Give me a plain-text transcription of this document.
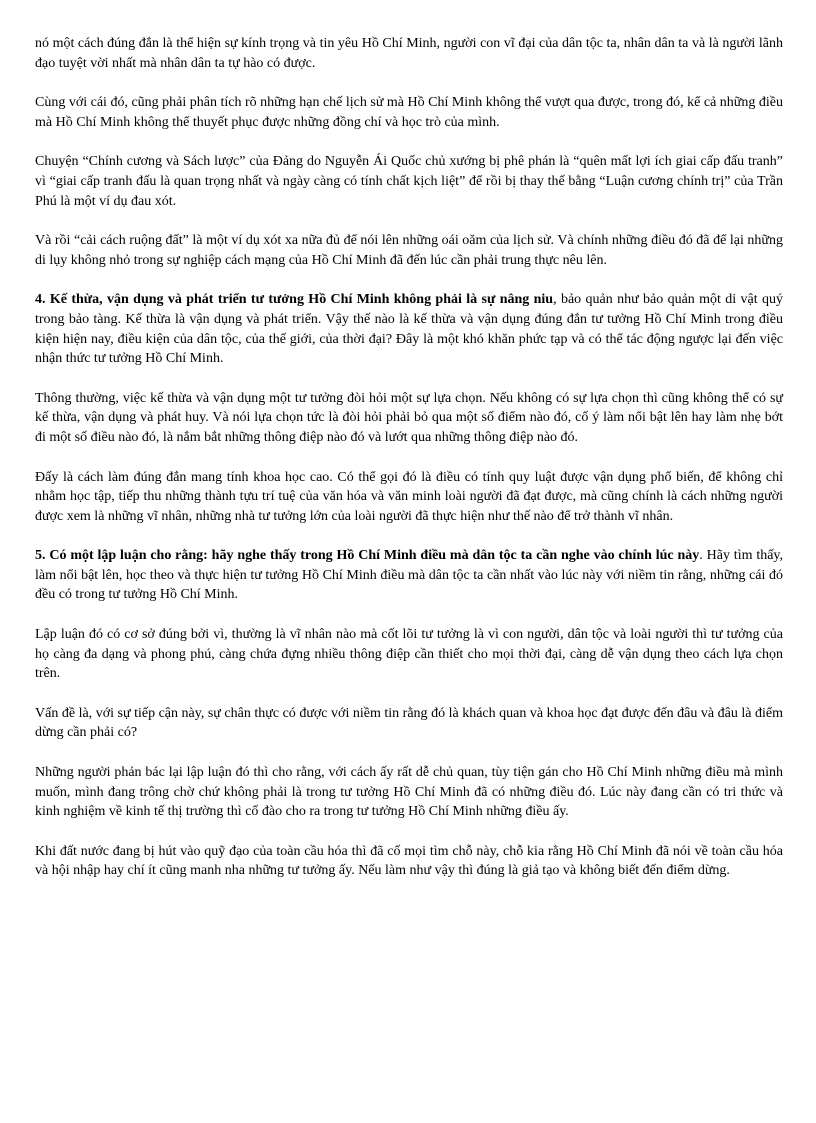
nó một cách đúng đắn là thể hiện sự kính trọng và tin yêu Hồ Chí Minh, người con vĩ đại của dân tộc ta, nhân dân ta và là người lãnh đạo tuyệt vời nhất mà nhân dân ta tự hào có được.

Cùng với cái đó, cũng phải phân tích rõ những hạn chế lịch sử mà Hồ Chí Minh không thể vượt qua được, trong đó, kể cả những điều mà Hồ Chí Minh không thể thuyết phục được những đồng chí và học trò của mình.

Chuyện “Chính cương và Sách lược” của Đảng do Nguyễn Ái Quốc chủ xướng bị phê phán là “quên mất lợi ích giai cấp đấu tranh” vì “giai cấp tranh đấu là quan trọng nhất và ngày càng có tính chất kịch liệt” để rồi bị thay thế bằng “Luận cương chính trị” của Trần Phú là một ví dụ đau xót.

Và rồi “cải cách ruộng đất” là một ví dụ xót xa nữa đủ để nói lên những oái oăm của lịch sử. Và chính những điều đó đã để lại những di lụy không nhỏ trong sự nghiệp cách mạng của Hồ Chí Minh đã đến lúc cần phải trung thực nêu lên.

4. Kế thừa, vận dụng và phát triển tư tưởng Hồ Chí Minh không phải là sự nâng niu, bảo quản như bảo quản một di vật quý trong bảo tàng. Kế thừa là vận dụng và phát triển. Vậy thế nào là kế thừa và vận dụng đúng đắn tư tưởng Hồ Chí Minh trong điều kiện hiện nay, điều kiện của dân tộc, của thế giới, của thời đại? Đây là một khó khăn phức tạp và có thể tác động ngược lại đến việc nhận thức tư tưởng Hồ Chí Minh.

Thông thường, việc kế thừa và vận dụng một tư tưởng đòi hỏi một sự lựa chọn. Nếu không có sự lựa chọn thì cũng không thể có sự kế thừa, vận dụng và phát huy. Và nói lựa chọn tức là đòi hỏi phải bỏ qua một số điểm nào đó, cố ý làm nổi bật lên hay làm nhẹ bớt đi một số điều nào đó, là nắm bắt những thông điệp nào đó và lướt qua những thông điệp nào đó.

Đấy là cách làm đúng đắn mang tính khoa học cao. Có thể gọi đó là điều có tính quy luật được vận dụng phổ biến, để không chỉ nhằm học tập, tiếp thu những thành tựu trí tuệ của văn hóa và văn minh loài người đã đạt được, mà cũng chính là cách những người được xem là những vĩ nhân, những nhà tư tưởng lớn của loài người đã thực hiện như thế nào để trở thành vĩ nhân.

5. Có một lập luận cho rằng: hãy nghe thấy trong Hồ Chí Minh điều mà dân tộc ta cần nghe vào chính lúc này. Hãy tìm thấy, làm nổi bật lên, học theo và thực hiện tư tưởng Hồ Chí Minh điều mà dân tộc ta cần nhất vào lúc này với niềm tin rằng, những cái đó đều có trong tư tưởng Hồ Chí Minh.

Lập luận đó có cơ sở đúng bởi vì, thường là vĩ nhân nào mà cốt lõi tư tưởng là vì con người, dân tộc và loài người thì tư tưởng của họ càng đa dạng và phong phú, càng chứa đựng nhiều thông điệp cần thiết cho mọi thời đại, càng dễ vận dụng theo cách lựa chọn trên.

Vấn đề là, với sự tiếp cận này, sự chân thực có được với niềm tin rằng đó là khách quan và khoa học đạt được đến đâu và đâu là điểm dừng cần phải có?

Những người phản bác lại lập luận đó thì cho rằng, với cách ấy rất dễ chủ quan, tùy tiện gán cho Hồ Chí Minh những điều mà mình muốn, mình đang trông chờ chứ không phải là trong tư tưởng Hồ Chí Minh đã có những điều đó. Lúc này đang cần có tri thức và kinh nghiệm về kinh tế thị trường thì cố đào cho ra trong tư tưởng Hồ Chí Minh những điều ấy.

Khi đất nước đang bị hút vào quỹ đạo của toàn cầu hóa thì đã cố mọi tìm chỗ này, chỗ kia rằng Hồ Chí Minh đã nói về toàn cầu hóa và hội nhập hay chí ít cũng manh nha những tư tưởng ấy. Nếu làm như vậy thì đúng là giả tạo và không biết đến điểm dừng.
